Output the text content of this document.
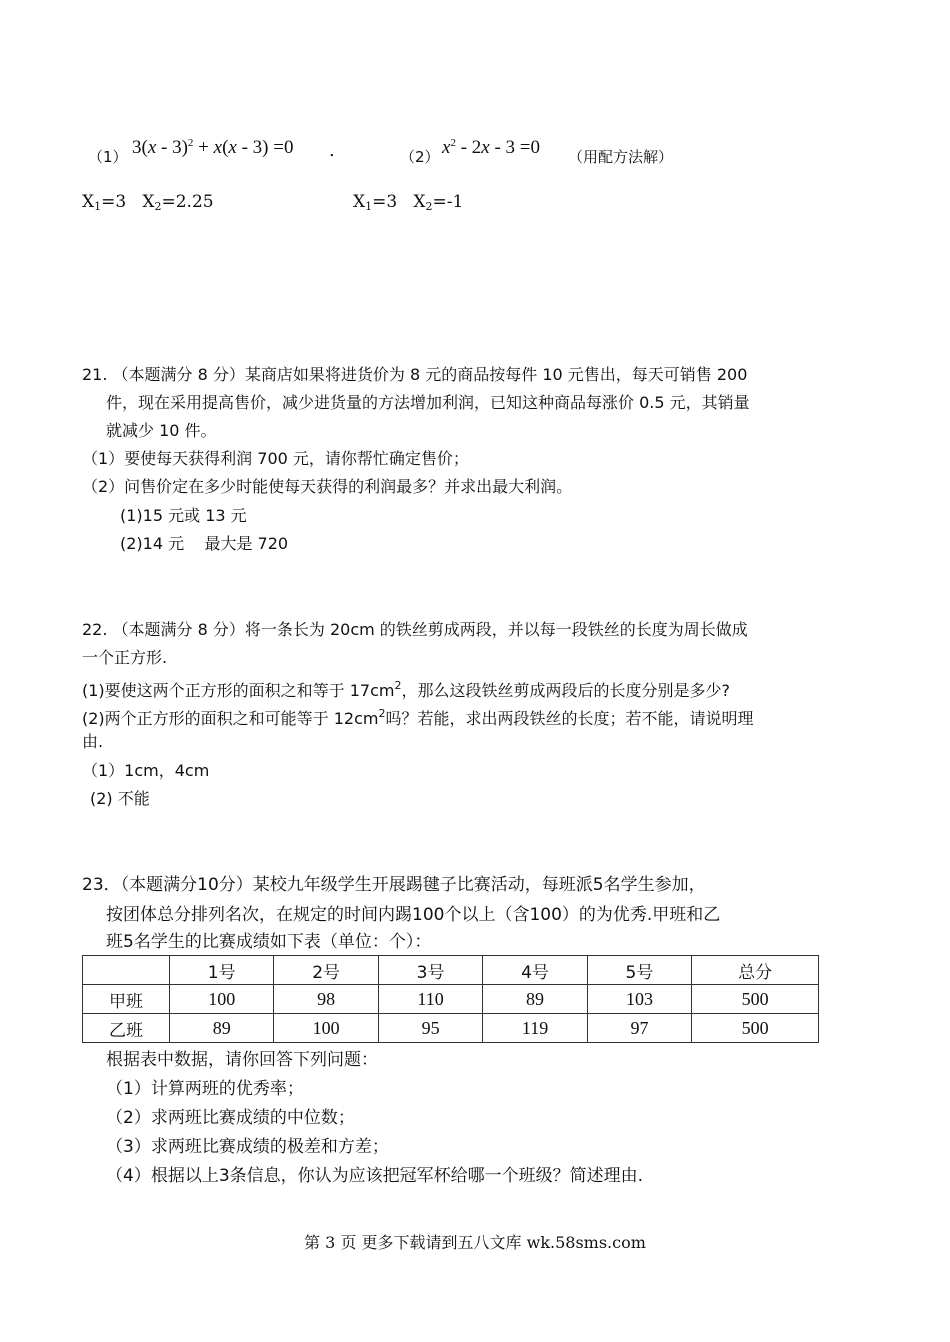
（1） 3(x - 3)$^2$ + x(x - 3) =0 .	（2） $x^2 - 2x - 3 =0$ （用配方法解）
$X_1=3$ $X_2=2.25$	$X_1=3$ $X_2=-1$
21. （本题满分 8 分）某商店如果将进货价为 8 元的商品按每件 10 元售出，每天可销售 200
件，现在采用提高售价，减少进货量的方法增加利润，已知这种商品每涨价 0.5 元，其销量
就减少 10 件。
（1）要使每天获得利润 700 元，请你帮忙确定售价；
（2）问售价定在多少时能使每天获得的利润最多？并求出最大利润。
(1)15 元或 13 元
(2)14 元    最大是 720
22. （本题满分 8 分）将一条长为 20cm 的铁丝剪成两段，并以每一段铁丝的长度为周长做成
一个正方形.
(1)要使这两个正方形的面积之和等于 $17cm^2$，那么这段铁丝剪成两段后的长度分别是多少?
(2)两个正方形的面积之和可能等于 $12cm^2$吗？若能，求出两段铁丝的长度；若不能，请说明理
由.
（1）1cm，4cm
(2) 不能
23．（本题满分10分）某校九年级学生开展踢毽子比赛活动，每班派5名学生参加，
按团体总分排列名次，在规定的时间内踢100个以上（含100）的为优秀.甲班和乙
班5名学生的比赛成绩如下表（单位：个）：
	1号	2号	3号	4号	5号	总分
甲班	100	98	110	89	103	500
乙班	89	100	95	119	97	500
根据表中数据，请你回答下列问题：
（1）计算两班的优秀率；
（2）求两班比赛成绩的中位数；
（3）求两班比赛成绩的极差和方差；
（4）根据以上3条信息，你认为应该把冠军杯给哪一个班级？简述理由.
第 3 页 更多下载请到五八文库 wk.58sms.com
